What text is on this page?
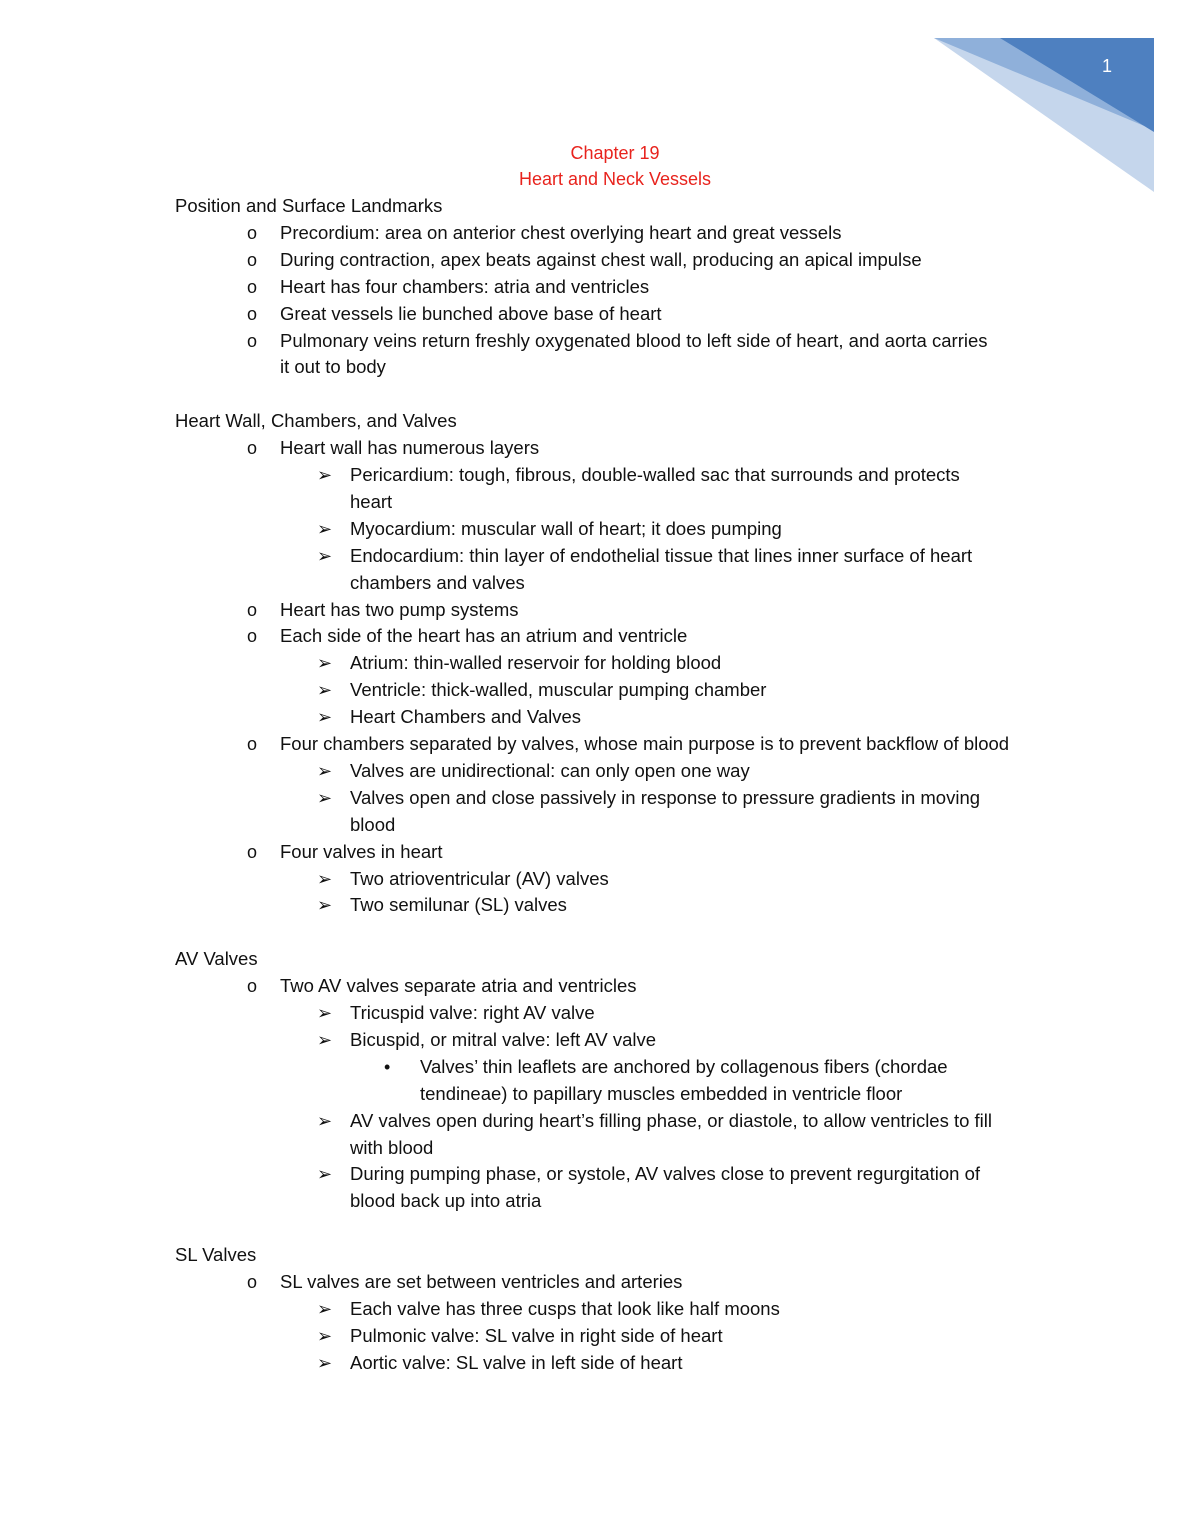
1
Chapter 19
Heart and Neck Vessels
Position and Surface Landmarks
o Precordium: area on anterior chest overlying heart and great vessels
o During contraction, apex beats against chest wall, producing an apical impulse
o Heart has four chambers: atria and ventricles
o Great vessels lie bunched above base of heart
o Pulmonary veins return freshly oxygenated blood to left side of heart, and aorta carries
it out to body
Heart Wall, Chambers, and Valves
o Heart wall has numerous layers
➢ Pericardium: tough, fibrous, double-walled sac that surrounds and protects
heart
➢ Myocardium: muscular wall of heart; it does pumping
➢ Endocardium: thin layer of endothelial tissue that lines inner surface of heart
chambers and valves
o Heart has two pump systems
o Each side of the heart has an atrium and ventricle
➢ Atrium: thin-walled reservoir for holding blood
➢ Ventricle: thick-walled, muscular pumping chamber
➢ Heart Chambers and Valves
o Four chambers separated by valves, whose main purpose is to prevent backflow of blood
➢ Valves are unidirectional: can only open one way
➢ Valves open and close passively in response to pressure gradients in moving
blood
o Four valves in heart
➢ Two atrioventricular (AV) valves
➢ Two semilunar (SL) valves
AV Valves
o Two AV valves separate atria and ventricles
➢ Tricuspid valve: right AV valve
➢ Bicuspid, or mitral valve: left AV valve
• Valves’ thin leaflets are anchored by collagenous fibers (chordae
tendineae) to papillary muscles embedded in ventricle floor
➢ AV valves open during heart’s filling phase, or diastole, to allow ventricles to fill
with blood
➢ During pumping phase, or systole, AV valves close to prevent regurgitation of
blood back up into atria
SL Valves
o SL valves are set between ventricles and arteries
➢ Each valve has three cusps that look like half moons
➢ Pulmonic valve: SL valve in right side of heart
➢ Aortic valve: SL valve in left side of heart
